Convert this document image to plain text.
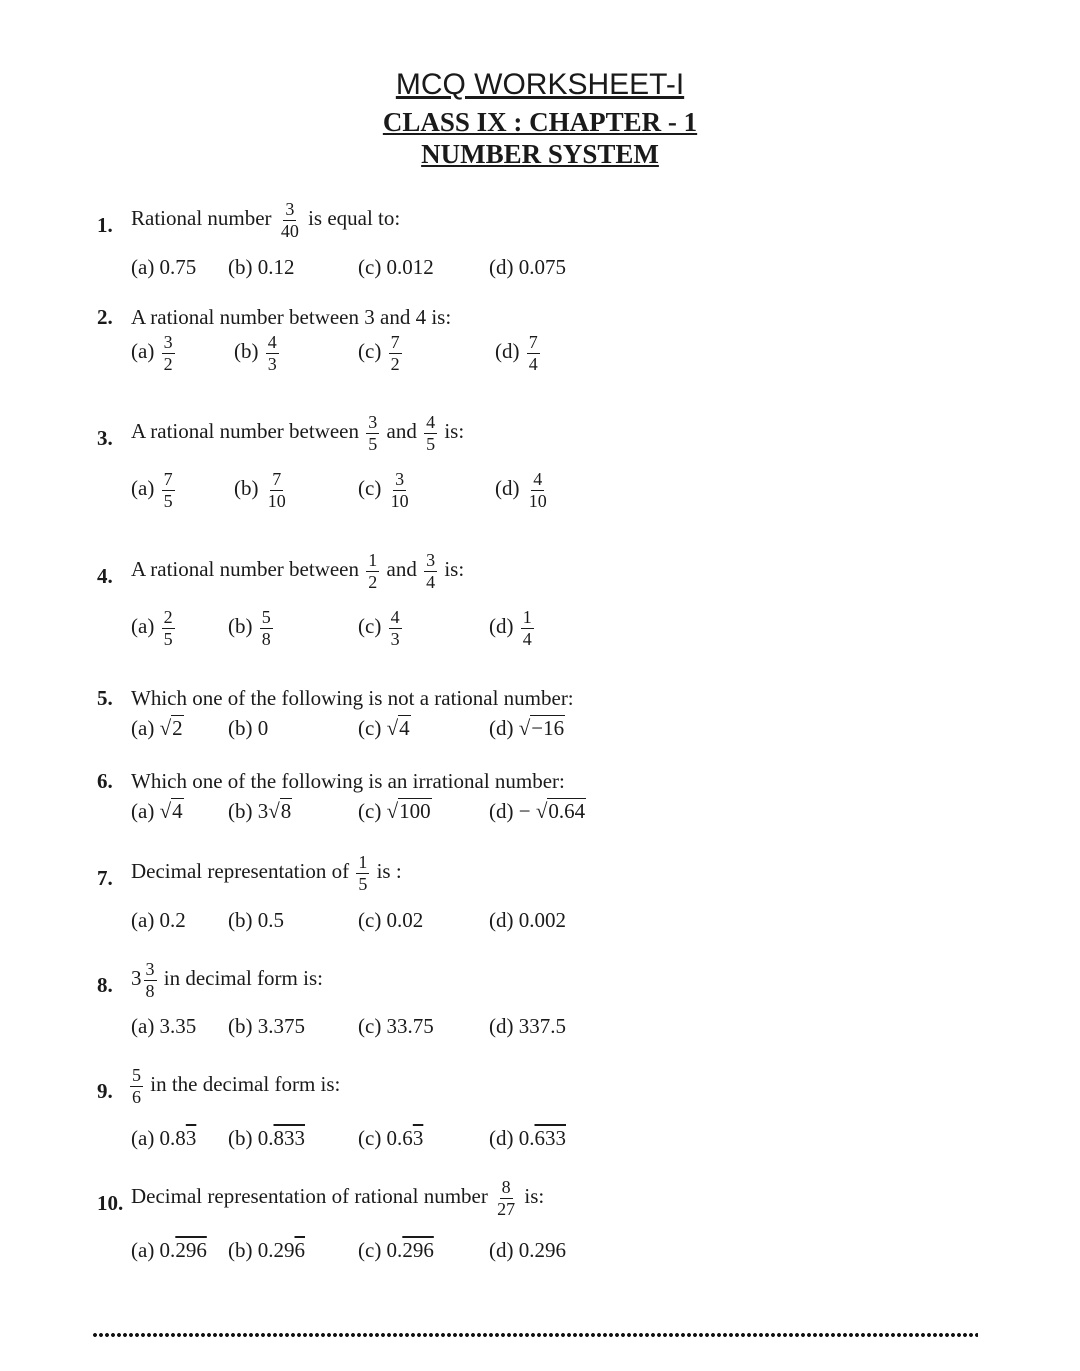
MCQ WORKSHEET-I
CLASS IX : CHAPTER - 1
NUMBER SYSTEM
1. Rational number $\frac{3}{40}$ is equal to:
(a) 0.75 (b) 0.12	(c) 0.012	(d) 0.075
2. A rational number between 3 and 4 is:
$(a) \frac{3}{2}$	$(b) \frac{4}{3}$	$(c) \frac{7}{2}$	$(d) \frac{7}{4}$
3. A rational number between $\frac{3}{5}$ and $\frac{4}{5}$ is:
$(a) \frac{7}{5}$	$(b) \frac{7}{10}$	$(c) \frac{3}{10}$	$(d) \frac{4}{10}$
4. A rational number between $\frac{1}{2}$ and $\frac{3}{4}$ is:
$(a) \frac{2}{5}$	$(b) \frac{5}{8}$	$(c) \frac{4}{3}$	$(d) \frac{1}{4}$
5. Which one of the following is not a rational number:
(a) √2 (b) 0	(c) √4	(d) √−16
6. Which one of the following is an irrational number:
(a) √4 (b) 3√8	(c) √100	(d) − √0.64
7. Decimal representation of $\frac{1}{5}$ is :
(a) 0.2 (b) 0.5	(c) 0.02	(d) 0.002
8. $3 \frac{3}{8}$ in decimal form is:
(a) 3.35 (b) 3.375	(c) 33.75	(d) 337.5
9. $\frac{5}{6}$ in the decimal form is:
(a) 0.83 (b) 0.833	(c) 0.63	(d) 0.633
10. Decimal representation of rational number $\frac{8}{27}$ is:
(a) 0.296 (b) 0.296	(c) 0.296	(d) 0.296
